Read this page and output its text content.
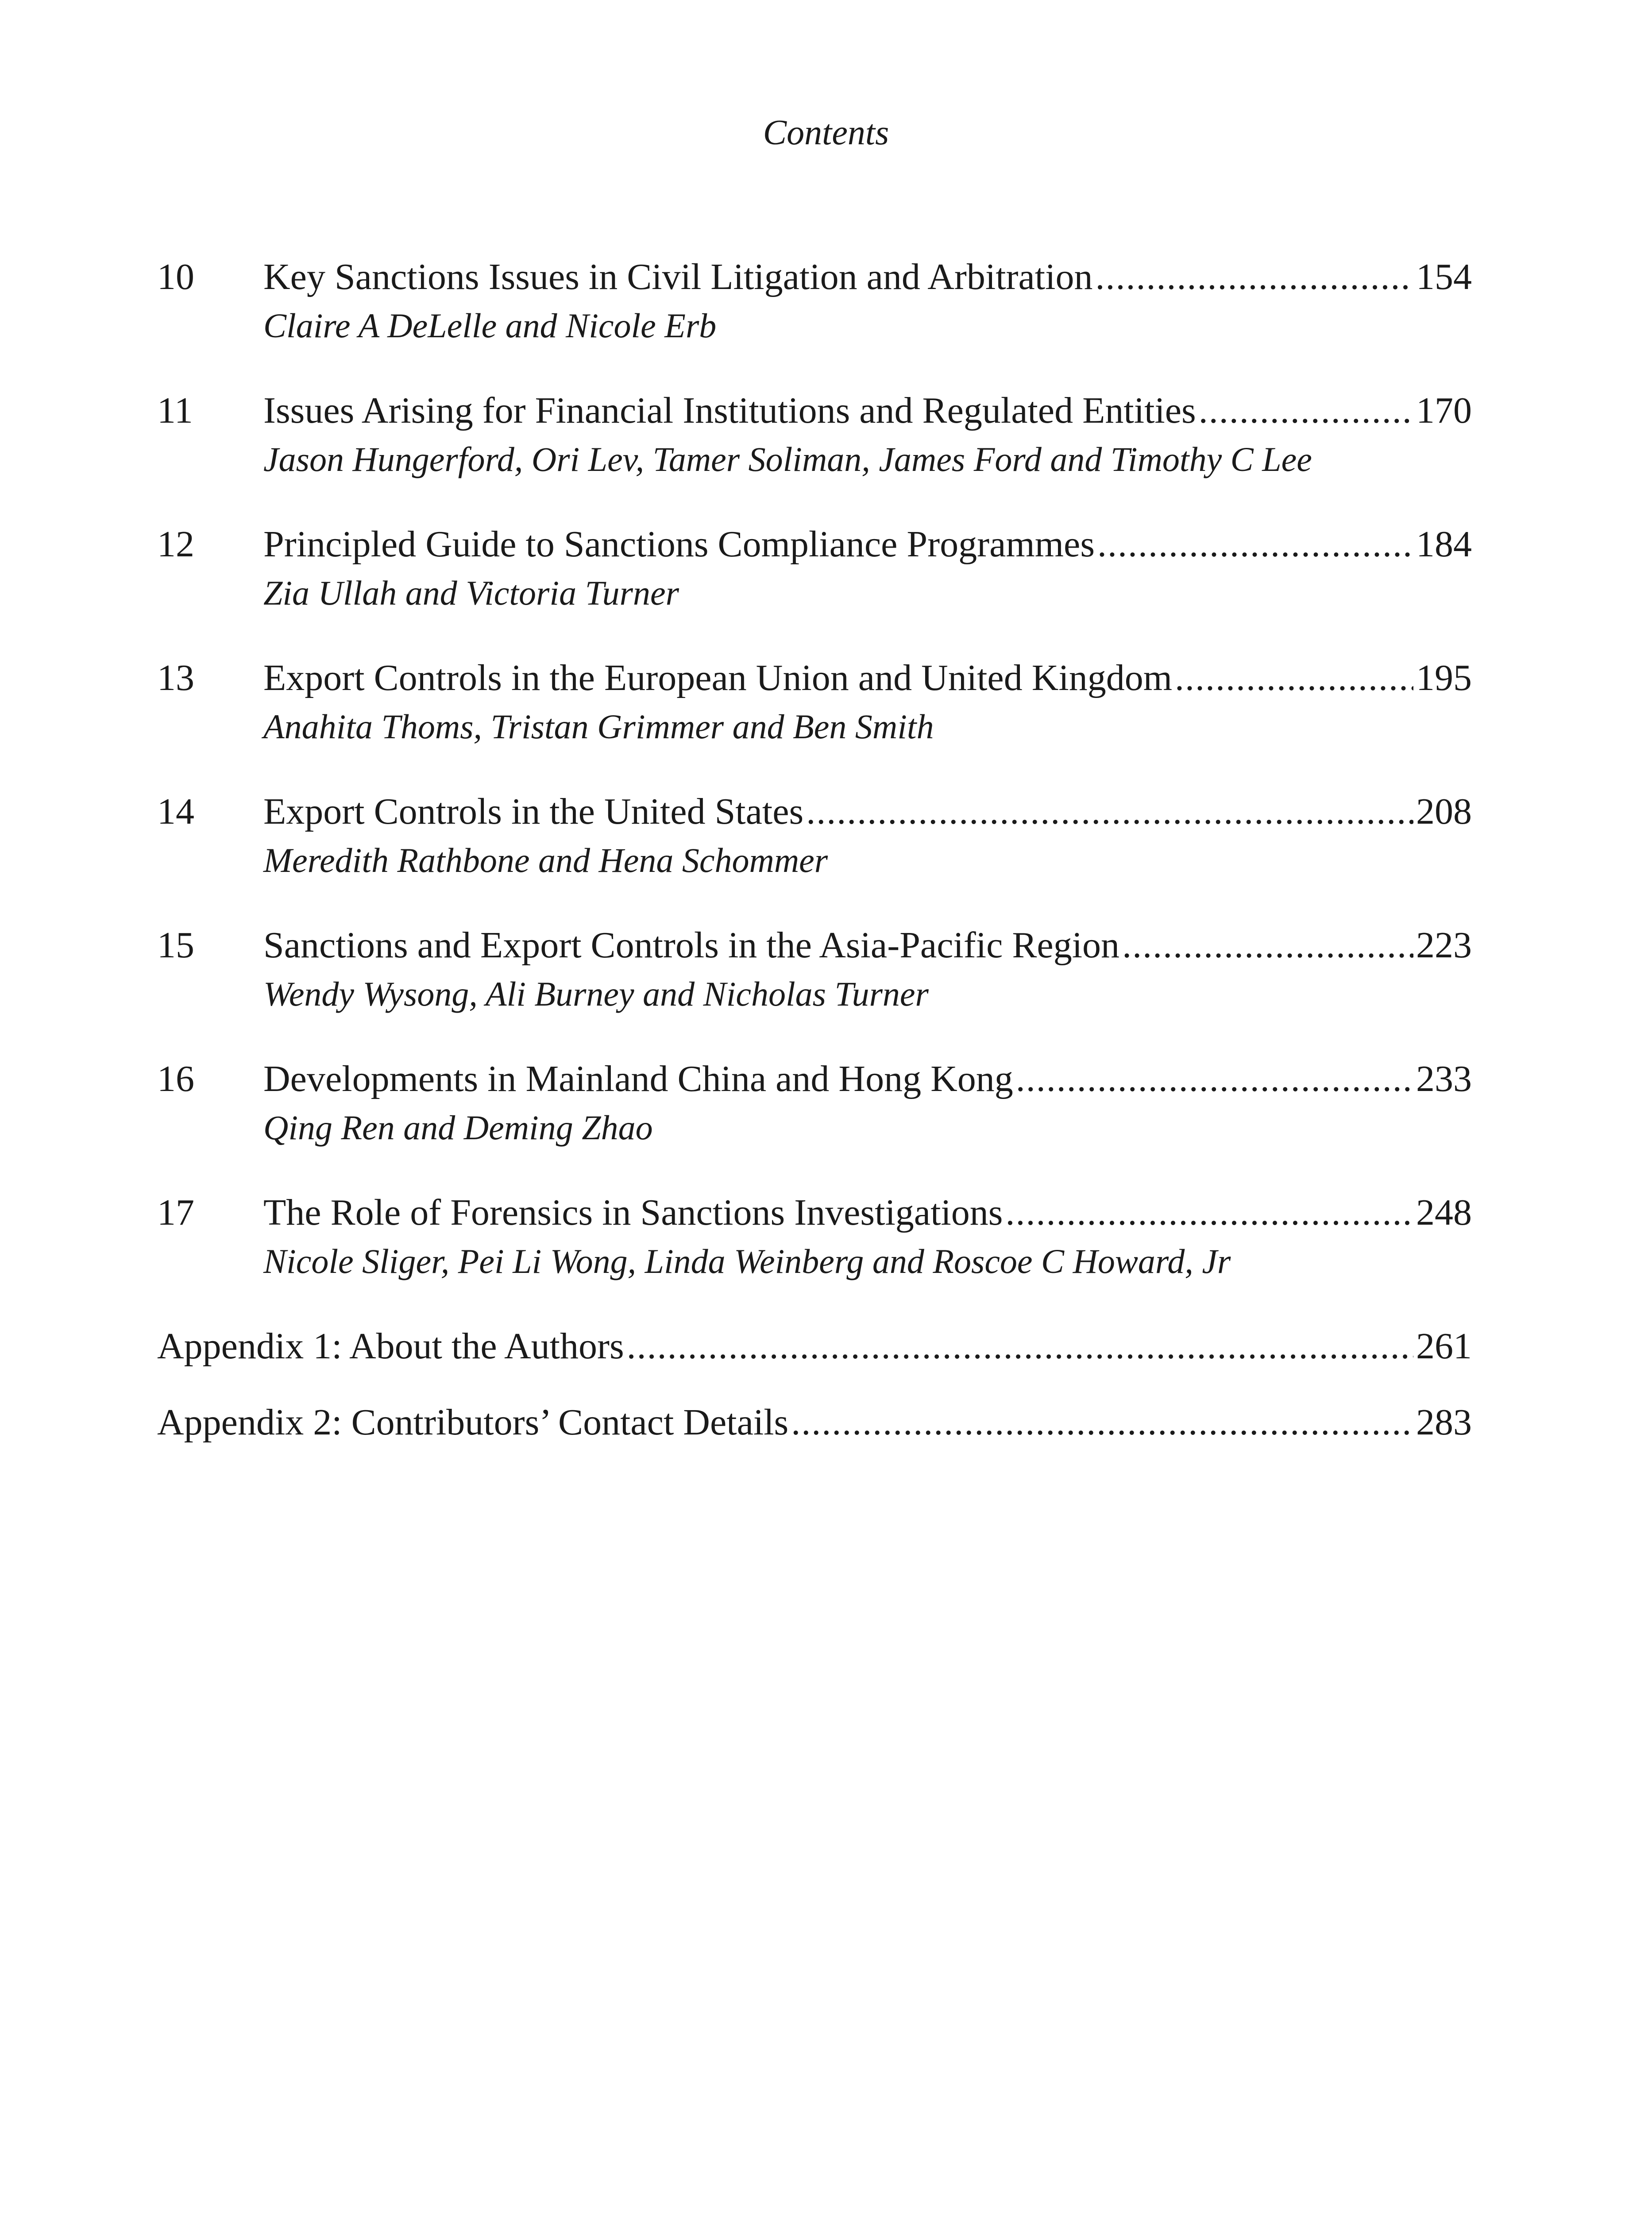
Contents
10	Key Sanctions Issues in Civil Litigation and Arbitration .....	154
Claire A DeLelle and Nicole Erb
11	Issues Arising for Financial Institutions and Regulated Entities .....	170
Jason Hungerford, Ori Lev, Tamer Soliman, James Ford and Timothy C Lee
12	Principled Guide to Sanctions Compliance Programmes .....	184
Zia Ullah and Victoria Turner
13	Export Controls in the European Union and United Kingdom .....	195
Anahita Thoms, Tristan Grimmer and Ben Smith
14	Export Controls in the United States .....	208
Meredith Rathbone and Hena Schommer
15	Sanctions and Export Controls in the Asia-Pacific Region .....	223
Wendy Wysong, Ali Burney and Nicholas Turner
16	Developments in Mainland China and Hong Kong .....	233
Qing Ren and Deming Zhao
17	The Role of Forensics in Sanctions Investigations .....	248
Nicole Sliger, Pei Li Wong, Linda Weinberg and Roscoe C Howard, Jr
Appendix 1: About the Authors .....	261
Appendix 2: Contributors’ Contact Details .....	283
